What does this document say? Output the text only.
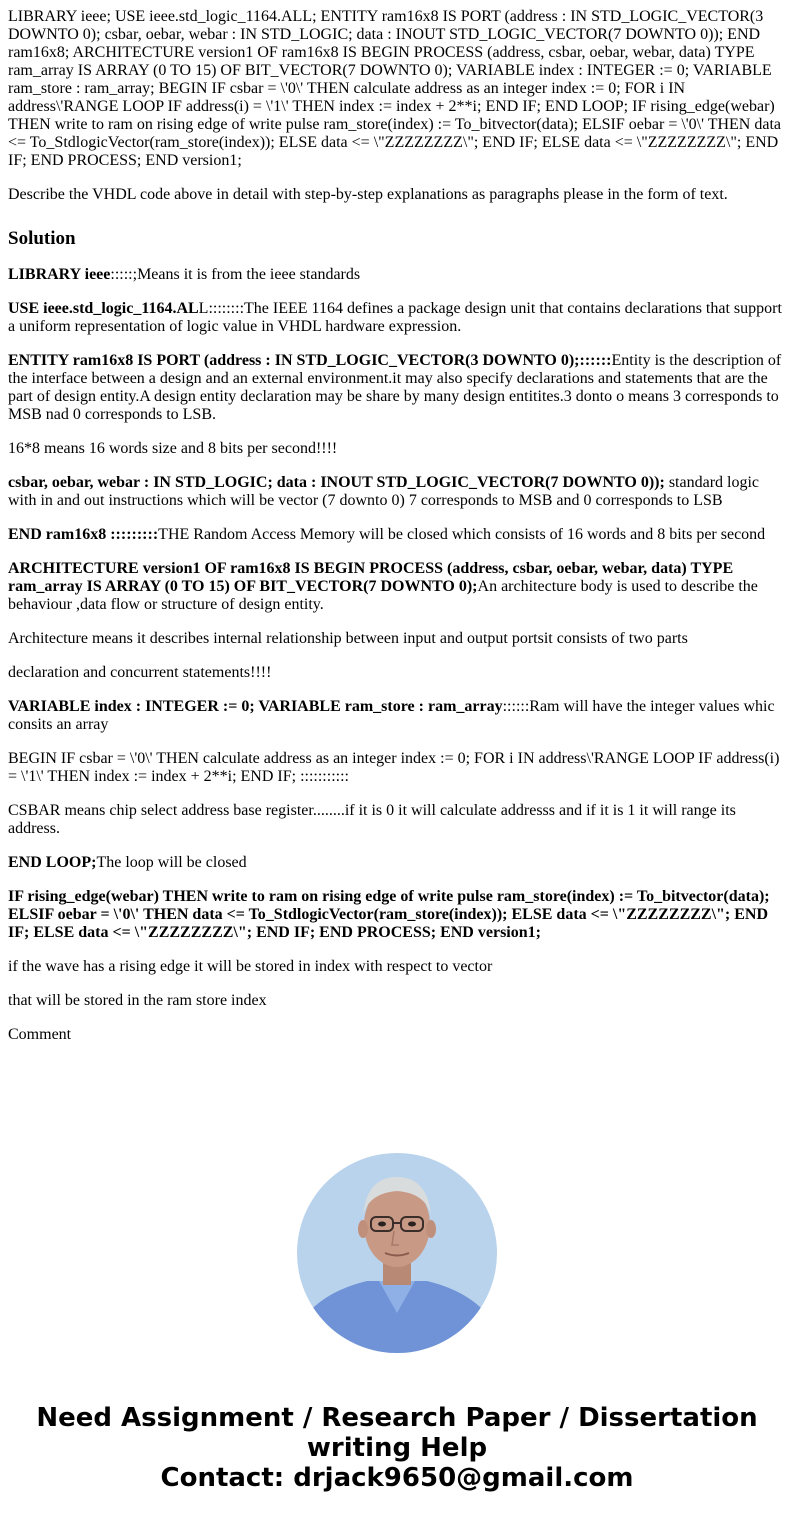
LIBRARY ieee; USE ieee.std_logic_1164.ALL; ENTITY ram16x8 IS PORT (address : IN STD_LOGIC_VECTOR(3 DOWNTO 0); csbar, oebar, webar : IN STD_LOGIC; data : INOUT STD_LOGIC_VECTOR(7 DOWNTO 0)); END ram16x8; ARCHITECTURE version1 OF ram16x8 IS BEGIN PROCESS (address, csbar, oebar, webar, data) TYPE ram_array IS ARRAY (0 TO 15) OF BIT_VECTOR(7 DOWNTO 0); VARIABLE index : INTEGER := 0; VARIABLE ram_store : ram_array; BEGIN IF csbar = \'0\' THEN calculate address as an integer index := 0; FOR i IN address\'RANGE LOOP IF address(i) = \'1\' THEN index := index + 2**i; END IF; END LOOP; IF rising_edge(webar) THEN write to ram on rising edge of write pulse ram_store(index) := To_bitvector(data); ELSIF oebar = \'0\' THEN data <= To_StdlogicVector(ram_store(index)); ELSE data <= \"ZZZZZZZZ\"; END IF; ELSE data <= \"ZZZZZZZZ\"; END IF; END PROCESS; END version1;

Describe the VHDL code above in detail with step-by-step explanations as paragraphs please in the form of text.

Solution

LIBRARY ieee:::::;Means it is from the ieee standards

USE ieee.std_logic_1164.ALL::::::::The IEEE 1164 defines a package design unit that contains declarations that support a uniform representation of logic value in VHDL hardware expression.

ENTITY ram16x8 IS PORT (address : IN STD_LOGIC_VECTOR(3 DOWNTO 0);::::::Entity is the description of the interface between a design and an external environment.it may also specify declarations and statements that are the part of design entity.A design entity declaration may be share by many design entitites.3 donto o means 3 corresponds to MSB nad 0 corresponds to LSB.

16*8 means 16 words size and 8 bits per second!!!!

csbar, oebar, webar : IN STD_LOGIC; data : INOUT STD_LOGIC_VECTOR(7 DOWNTO 0)); standard logic with in and out instructions which will be vector (7 downto 0) 7 corresponds to MSB and 0 corresponds to LSB

END ram16x8 :::::::::THE Random Access Memory will be closed which consists of 16 words and 8 bits per second

ARCHITECTURE version1 OF ram16x8 IS BEGIN PROCESS (address, csbar, oebar, webar, data) TYPE ram_array IS ARRAY (0 TO 15) OF BIT_VECTOR(7 DOWNTO 0);An architecture body is used to describe the behaviour ,data flow or structure of design entity.

Architecture means it describes internal relationship between input and output portsit consists of two parts

declaration and concurrent statements!!!!

VARIABLE index : INTEGER := 0; VARIABLE ram_store : ram_array::::::Ram will have the integer values whic consits an array

BEGIN IF csbar = \'0\' THEN calculate address as an integer index := 0; FOR i IN address\'RANGE LOOP IF address(i) = \'1\' THEN index := index + 2**i; END IF; :::::::::::

CSBAR means chip select address base register........if it is 0 it will calculate addresss and if it is 1 it will range its address.

END LOOP;The loop will be closed

IF rising_edge(webar) THEN write to ram on rising edge of write pulse ram_store(index) := To_bitvector(data); ELSIF oebar = \'0\' THEN data <= To_StdlogicVector(ram_store(index)); ELSE data <= \"ZZZZZZZZ\"; END IF; ELSE data <= \"ZZZZZZZZ\"; END IF; END PROCESS; END version1;

if the wave has a rising edge it will be stored in index with respect to vector

that will be stored in the ram store index

Comment

Need Assignment / Research Paper / Dissertation
writing Help
Contact: drjack9650@gmail.com
